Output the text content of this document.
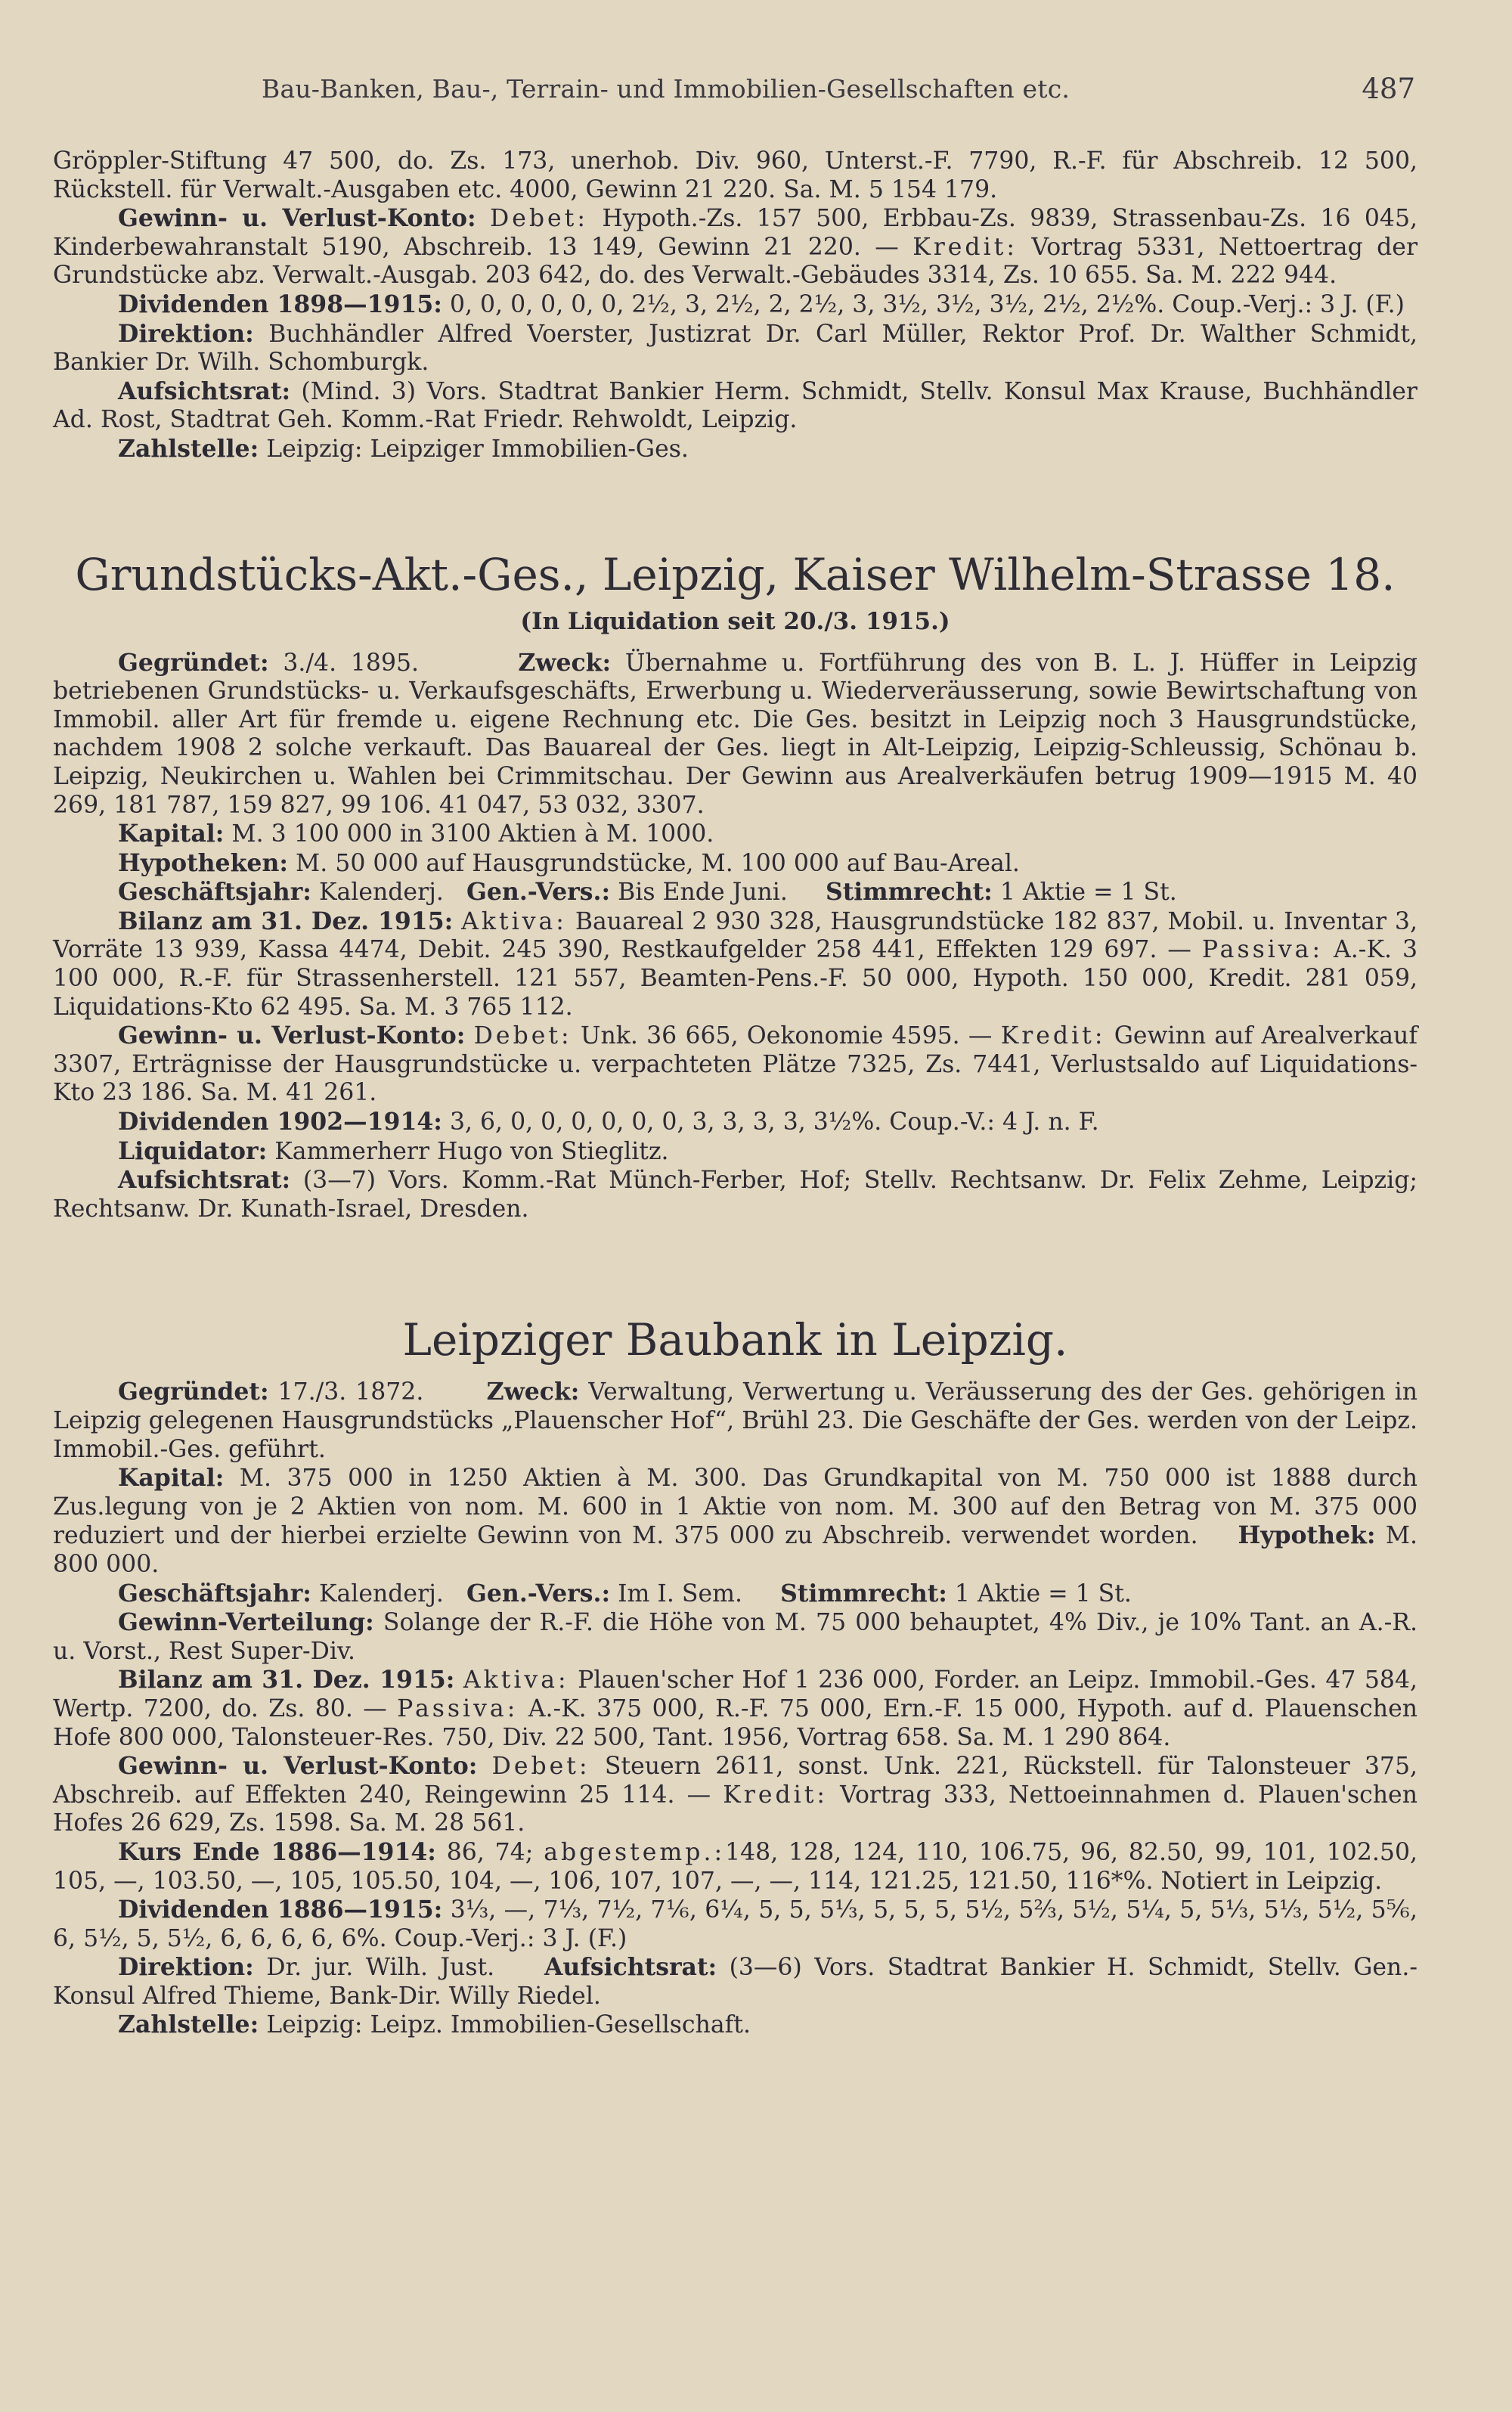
Bau-Banken, Bau-, Terrain- und Immobilien-Gesellschaften etc.	487

Gröppler-Stiftung 47 500, do. Zs. 173, unerhob. Div. 960, Unterst.-F. 7790, R.-F. für Abschreib. 12 500, Rückstell. für Verwalt.-Ausgaben etc. 4000, Gewinn 21 220. Sa. M. 5 154 179.

Gewinn- u. Verlust-Konto: Debet: Hypoth.-Zs. 157 500, Erbbau-Zs. 9839, Strassenbau-Zs. 16 045, Kinderbewahranstalt 5190, Abschreib. 13 149, Gewinn 21 220. — Kredit: Vortrag 5331, Nettoertrag der Grundstücke abz. Verwalt.-Ausgab. 203 642, do. des Verwalt.-Gebäudes 3314, Zs. 10 655. Sa. M. 222 944.

Dividenden 1898—1915: 0, 0, 0, 0, 0, 0, 2½, 3, 2½, 2, 2½, 3, 3½, 3½, 3½, 2½, 2½%. Coup.-Verj.: 3 J. (F.)

Direktion: Buchhändler Alfred Voerster, Justizrat Dr. Carl Müller, Rektor Prof. Dr. Walther Schmidt, Bankier Dr. Wilh. Schomburgk.

Aufsichtsrat: (Mind. 3) Vors. Stadtrat Bankier Herm. Schmidt, Stellv. Konsul Max Krause, Buchhändler Ad. Rost, Stadtrat Geh. Komm.-Rat Friedr. Rehwoldt, Leipzig.

Zahlstelle: Leipzig: Leipziger Immobilien-Ges.

Grundstücks-Akt.-Ges., Leipzig, Kaiser Wilhelm-Strasse 18.
(In Liquidation seit 20./3. 1915.)

Gegründet: 3./4. 1895.	Zweck: Übernahme u. Fortführung des von B. L. J. Hüffer in Leipzig betriebenen Grundstücks- u. Verkaufsgeschäfts, Erwerbung u. Wiederveräusserung, sowie Bewirtschaftung von Immobil. aller Art für fremde u. eigene Rechnung etc. Die Ges. besitzt in Leipzig noch 3 Hausgrundstücke, nachdem 1908 2 solche verkauft. Das Bauareal der Ges. liegt in Alt-Leipzig, Leipzig-Schleussig, Schönau b. Leipzig, Neukirchen u. Wahlen bei Crimmitschau. Der Gewinn aus Arealverkäufen betrug 1909—1915 M. 40 269, 181 787, 159 827, 99 106. 41 047, 53 032, 3307.

Kapital: M. 3 100 000 in 3100 Aktien à M. 1000.

Hypotheken: M. 50 000 auf Hausgrundstücke, M. 100 000 auf Bau-Areal.

Geschäftsjahr: Kalenderj. Gen.-Vers.: Bis Ende Juni. Stimmrecht: 1 Aktie = 1 St.

Bilanz am 31. Dez. 1915: Aktiva: Bauareal 2 930 328, Hausgrundstücke 182 837, Mobil. u. Inventar 3, Vorräte 13 939, Kassa 4474, Debit. 245 390, Restkaufgelder 258 441, Effekten 129 697. — Passiva: A.-K. 3 100 000, R.-F. für Strassenherstell. 121 557, Beamten-Pens.-F. 50 000, Hypoth. 150 000, Kredit. 281 059, Liquidations-Kto 62 495. Sa. M. 3 765 112.

Gewinn- u. Verlust-Konto: Debet: Unk. 36 665, Oekonomie 4595. — Kredit: Gewinn auf Arealverkauf 3307, Erträgnisse der Hausgrundstücke u. verpachteten Plätze 7325, Zs. 7441, Verlustsaldo auf Liquidations-Kto 23 186. Sa. M. 41 261.

Dividenden 1902—1914: 3, 6, 0, 0, 0, 0, 0, 0, 3, 3, 3, 3, 3½%. Coup.-V.: 4 J. n. F.

Liquidator: Kammerherr Hugo von Stieglitz.

Aufsichtsrat: (3—7) Vors. Komm.-Rat Münch-Ferber, Hof; Stellv. Rechtsanw. Dr. Felix Zehme, Leipzig; Rechtsanw. Dr. Kunath-Israel, Dresden.

Leipziger Baubank in Leipzig.

Gegründet: 17./3. 1872.	Zweck: Verwaltung, Verwertung u. Veräusserung des der Ges. gehörigen in Leipzig gelegenen Hausgrundstücks „Plauenscher Hof“, Brühl 23. Die Geschäfte der Ges. werden von der Leipz. Immobil.-Ges. geführt.

Kapital: M. 375 000 in 1250 Aktien à M. 300. Das Grundkapital von M. 750 000 ist 1888 durch Zus.legung von je 2 Aktien von nom. M. 600 in 1 Aktie von nom. M. 300 auf den Betrag von M. 375 000 reduziert und der hierbei erzielte Gewinn von M. 375 000 zu Abschreib. verwendet worden. Hypothek: M. 800 000.

Geschäftsjahr: Kalenderj. Gen.-Vers.: Im I. Sem. Stimmrecht: 1 Aktie = 1 St.

Gewinn-Verteilung: Solange der R.-F. die Höhe von M. 75 000 behauptet, 4% Div., je 10% Tant. an A.-R. u. Vorst., Rest Super-Div.

Bilanz am 31. Dez. 1915: Aktiva: Plauen'scher Hof 1 236 000, Forder. an Leipz. Immobil.-Ges. 47 584, Wertp. 7200, do. Zs. 80. — Passiva: A.-K. 375 000, R.-F. 75 000, Ern.-F. 15 000, Hypoth. auf d. Plauenschen Hofe 800 000, Talonsteuer-Res. 750, Div. 22 500, Tant. 1956, Vortrag 658. Sa. M. 1 290 864.

Gewinn- u. Verlust-Konto: Debet: Steuern 2611, sonst. Unk. 221, Rückstell. für Talonsteuer 375, Abschreib. auf Effekten 240, Reingewinn 25 114. — Kredit: Vortrag 333, Nettoeinnahmen d. Plauen'schen Hofes 26 629, Zs. 1598. Sa. M. 28 561.

Kurs Ende 1886—1914: 86, 74; abgestemp.:148, 128, 124, 110, 106.75, 96, 82.50, 99, 101, 102.50, 105, —, 103.50, —, 105, 105.50, 104, —, 106, 107, 107, —, —, 114, 121.25, 121.50, 116*%. Notiert in Leipzig.

Dividenden 1886—1915: 3⅓, —, 7⅓, 7½, 7⅙, 6¼, 5, 5, 5⅓, 5, 5, 5, 5½, 5⅔, 5½, 5¼, 5, 5⅓, 5⅓, 5½, 5⅚, 6, 5½, 5, 5½, 6, 6, 6, 6, 6%. Coup.-Verj.: 3 J. (F.)

Direktion: Dr. jur. Wilh. Just. Aufsichtsrat: (3—6) Vors. Stadtrat Bankier H. Schmidt, Stellv. Gen.-Konsul Alfred Thieme, Bank-Dir. Willy Riedel.

Zahlstelle: Leipzig: Leipz. Immobilien-Gesellschaft.
